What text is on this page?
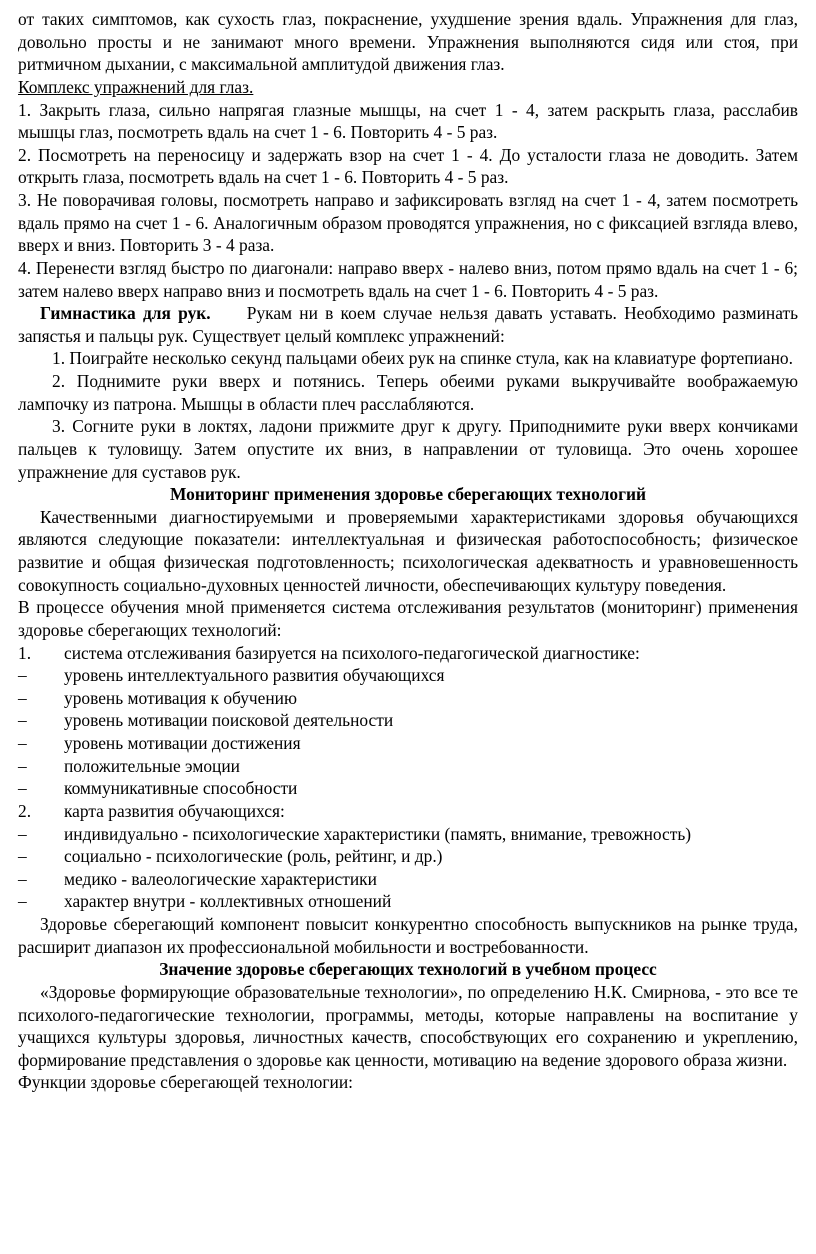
от таких симптомов, как сухость глаз, покраснение, ухудшение зрения вдаль. Упражнения для глаз, довольно просты и не занимают много времени. Упражнения выполняются сидя или стоя, при ритмичном дыхании, с максимальной амплитудой движения глаз.

Комплекс упражнений для глаз.

1. Закрыть глаза, сильно напрягая глазные мышцы, на счет 1 - 4, затем раскрыть глаза, расслабив мышцы глаз, посмотреть вдаль на счет 1 - 6. Повторить 4 - 5 раз.

2. Посмотреть на переносицу и задержать взор на счет 1 - 4. До усталости глаза не доводить. Затем открыть глаза, посмотреть вдаль на счет 1 - 6. Повторить 4 - 5 раз.

3. Не поворачивая головы, посмотреть направо и зафиксировать взгляд на счет 1 - 4, затем посмотреть вдаль прямо на счет 1 - 6. Аналогичным образом проводятся упражнения, но с фиксацией взгляда влево, вверх и вниз. Повторить 3 - 4 раза.

4. Перенести взгляд быстро по диагонали: направо вверх - налево вниз, потом прямо вдаль на счет 1 - 6; затем налево вверх направо вниз и посмотреть вдаль на счет 1 - 6. Повторить 4 - 5 раз.

Гимнастика для рук. Рукам ни в коем случае нельзя давать уставать. Необходимо разминать запястья и пальцы рук. Существует целый комплекс упражнений:

1. Поиграйте несколько секунд пальцами обеих рук на спинке стула, как на клавиатуре фортепиано.

2. Поднимите руки вверх и потянись. Теперь обеими руками выкручивайте воображаемую лампочку из патрона. Мышцы в области плеч расслабляются.

3. Согните руки в локтях, ладони прижмите друг к другу. Приподнимите руки вверх кончиками пальцев к туловищу. Затем опустите их вниз, в направлении от туловища. Это очень хорошее упражнение для суставов рук.

Мониторинг применения здоровье сберегающих технологий

Качественными диагностируемыми и проверяемыми характеристиками здоровья обучающихся являются следующие показатели: интеллектуальная и физическая работоспособность; физическое развитие и общая физическая подготовленность; психологическая адекватность и уравновешенность совокупность социально-духовных ценностей личности, обеспечивающих культуру поведения.

В процессе обучения мной применяется система отслеживания результатов (мониторинг) применения здоровье сберегающих технологий:

1.	система отслеживания базируется на психолого-педагогической диагностике:
–	уровень интеллектуального развития обучающихся
–	уровень мотивация к обучению
–	уровень мотивации поисковой деятельности
–	уровень мотивации достижения
–	положительные эмоции
–	коммуникативные способности
2.	карта развития обучающихся:
–	индивидуально - психологические характеристики (память, внимание, тревожность)
–	социально - психологические (роль, рейтинг, и др.)
–	медико - валеологические характеристики
–	характер внутри - коллективных отношений

Здоровье сберегающий компонент повысит конкурентно способность выпускников на рынке труда, расширит диапазон их профессиональной мобильности и востребованности.

Значение здоровье сберегающих технологий в учебном процесс

«Здоровье формирующие образовательные технологии», по определению Н.К. Смирнова, - это все те психолого-педагогические технологии, программы, методы, которые направлены на воспитание у учащихся культуры здоровья, личностных качеств, способствующих его сохранению и укреплению, формирование представления о здоровье как ценности, мотивацию на ведение здорового образа жизни.

Функции здоровье сберегающей технологии:
